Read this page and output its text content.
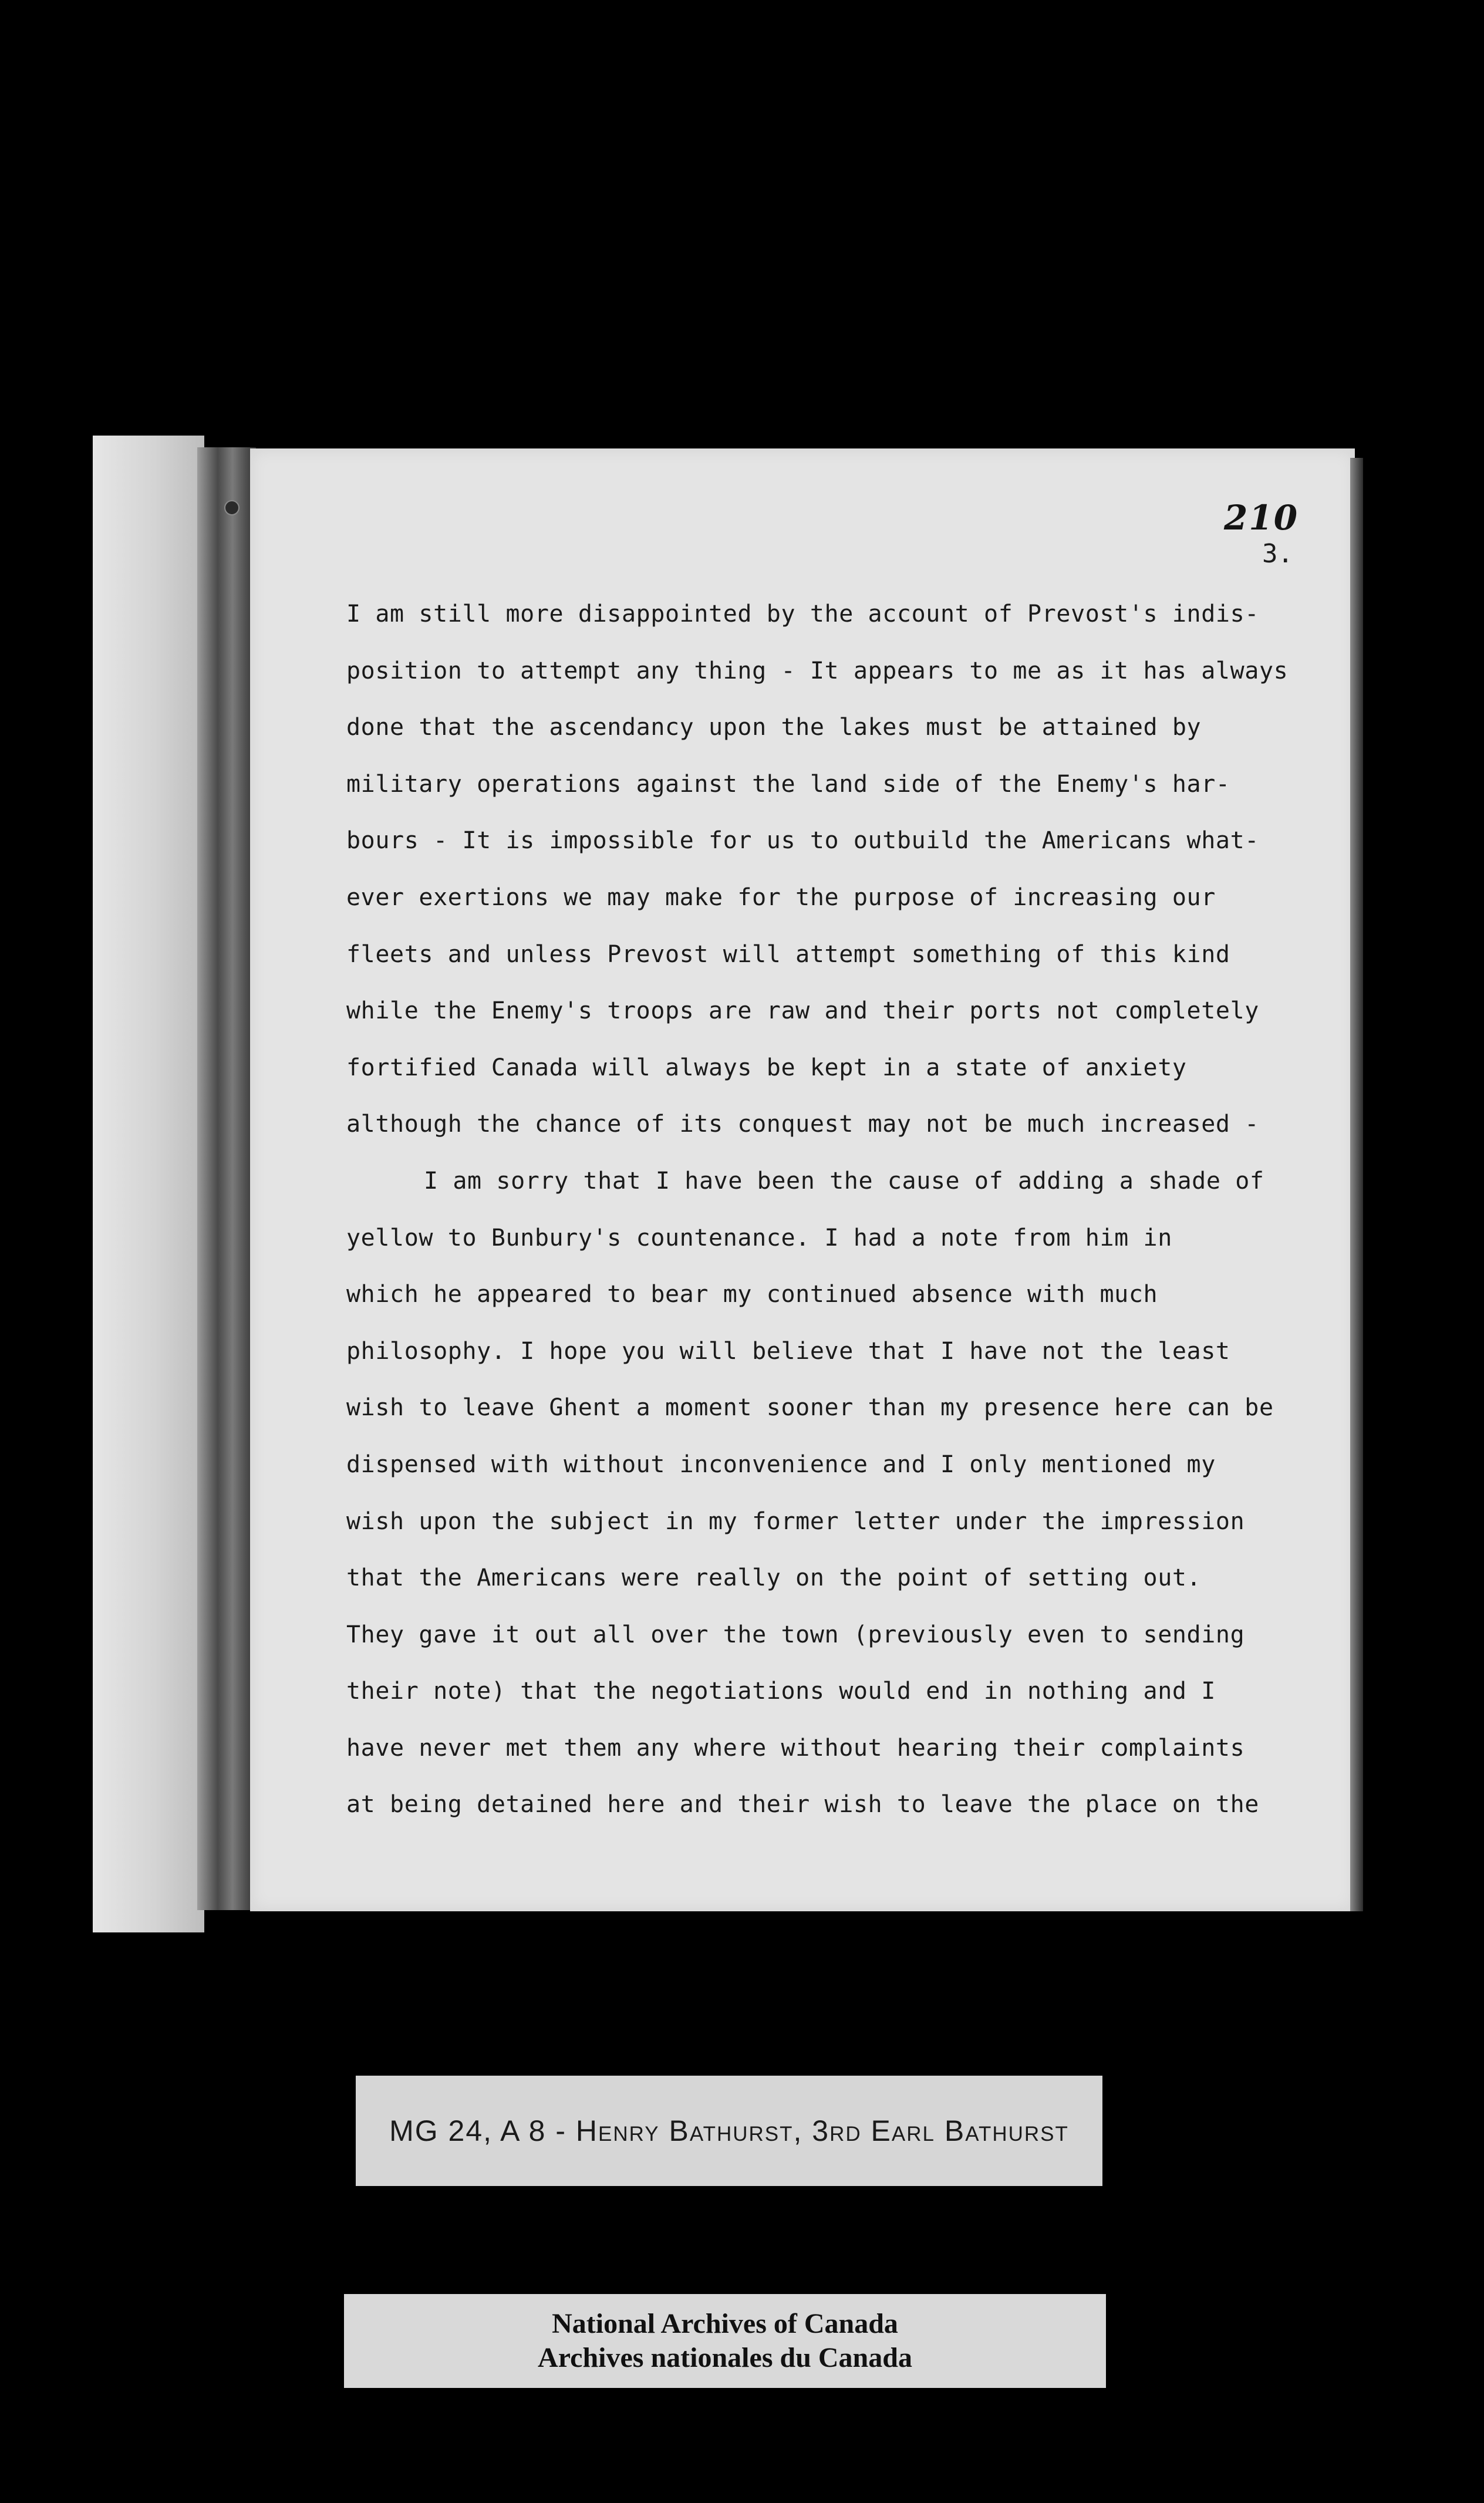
210

3.

I am still more disappointed by the account of Prevost's indis-
position to attempt any thing - It appears to me as it has always
done that the ascendancy upon the lakes must be attained by
military operations against the land side of the Enemy's har-
bours - It is impossible for us to outbuild the Americans what-
ever exertions we may make for the purpose of increasing our
fleets and unless Prevost will attempt something of this kind
while the Enemy's troops are raw and their ports not completely
fortified Canada will always be kept in a state of anxiety
although the chance of its conquest may not be much increased -
I am sorry that I have been the cause of adding a shade of
yellow to Bunbury's countenance. I had a note from him in
which he appeared to bear my continued absence with much
philosophy. I hope you will believe that I have not the least
wish to leave Ghent a moment sooner than my presence here can be
dispensed with without inconvenience and I only mentioned my
wish upon the subject in my former letter under the impression
that the Americans were really on the point of setting out.
They gave it out all over the town (previously even to sending
their note) that the negotiations would end in nothing and I
have never met them any where without hearing their complaints
at being detained here and their wish to leave the place on the
MG 24, A 8 - Henry Bathurst, 3rd Earl Bathurst
National Archives of Canada
Archives nationales du Canada
